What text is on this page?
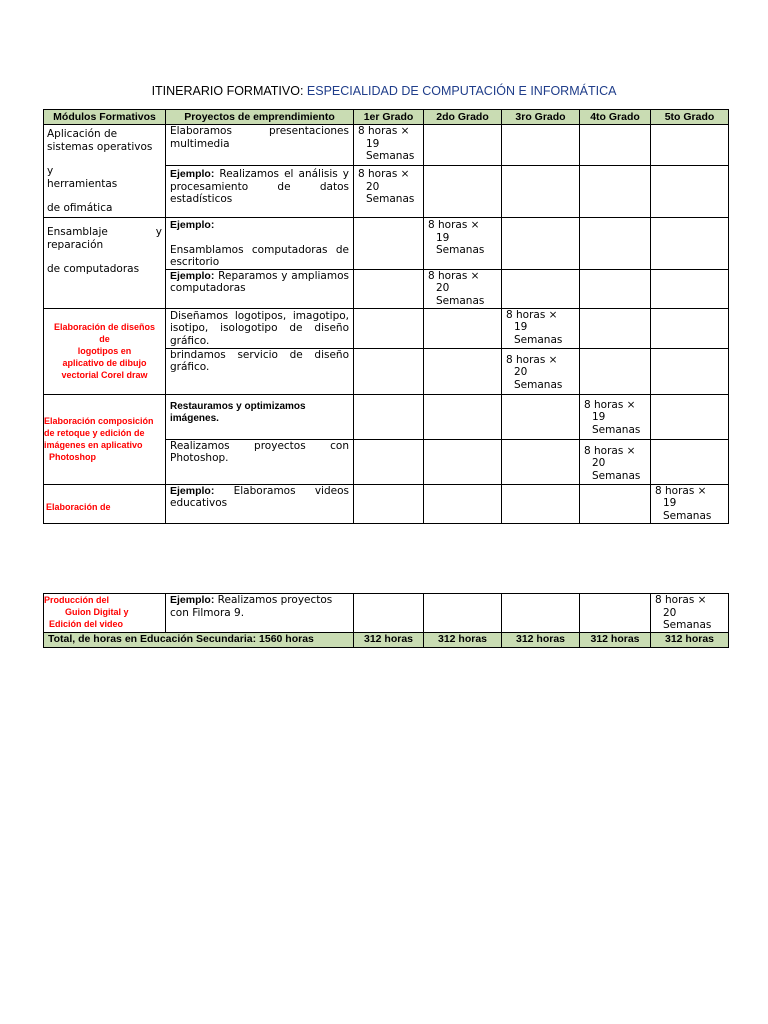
ITINERARIO FORMATIVO: ESPECIALIDAD DE COMPUTACIÓN E INFORMÁTICA
Módulos Formativos	Proyectos de emprendimiento	1er Grado	2do Grado	3ro Grado	4to Grado	5to Grado

Aplicación de
sistemas operativos
y
herramientas
de ofimática	Elaboramos presentaciones multimedia	8 horas ×
19
Semanas				

	Ejemplo: Realizamos el análisis y procesamiento de datos estadísticos	8 horas ×
20
Semanas				

Ensamblaje y
reparación
de computadoras	Ejemplo:
Ensamblamos computadoras de escritorio		8 horas ×
19
Semanas			

	Ejemplo: Reparamos y ampliamos computadoras		8 horas ×
20
Semanas			

Elaboración de diseños
de
logotipos en
aplicativo de dibujo
vectorial Corel draw	Diseñamos logotipos, imagotipo, isotipo, isologotipo de diseño gráfico.			8 horas ×
19
Semanas		

	brindamos servicio de diseño gráfico.			8 horas ×
20
Semanas		

Elaboración composición
de retoque y edición de
imágenes en aplicativo
Photoshop	Restauramos y optimizamos imágenes.				8 horas ×
19
Semanas	

	Realizamos proyectos con Photoshop.				8 horas ×
20
Semanas	

Elaboración de	Ejemplo: Elaboramos videos educativos					8 horas ×
19
Semanas
Producción del
Guion Digital y
Edición del video	Ejemplo: Realizamos proyectos con Filmora 9.					8 horas ×
20
Semanas

Total, de horas en Educación Secundaria: 1560 horas		312 horas	312 horas	312 horas	312 horas	312 horas
